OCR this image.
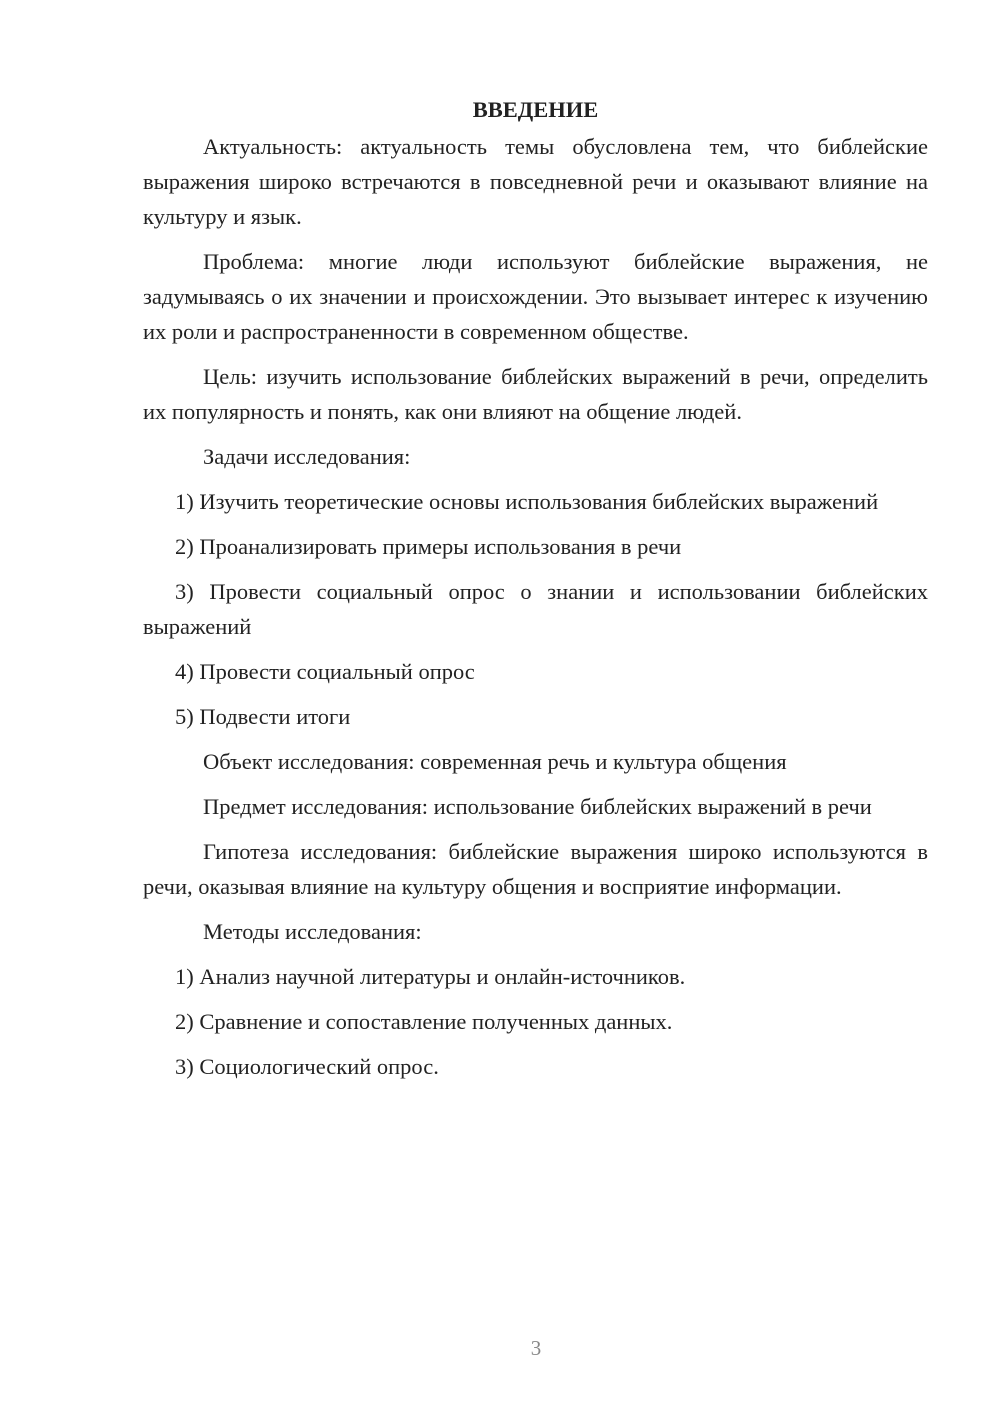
ВВЕДЕНИЕ

Актуальность: актуальность темы обусловлена тем, что библейские выражения широко встречаются в повседневной речи и оказывают влияние на культуру и язык.

Проблема: многие люди используют библейские выражения, не задумываясь о их значении и происхождении. Это вызывает интерес к изучению их роли и распространенности в современном обществе.

Цель: изучить использование библейских выражений в речи, определить их популярность и понять, как они влияют на общение людей.

Задачи исследования:

1) Изучить теоретические основы использования библейских выражений

2) Проанализировать примеры использования в речи

3) Провести социальный опрос о знании и использовании библейских выражений

4) Провести социальный опрос

5) Подвести итоги

Объект исследования: современная речь и культура общения

Предмет исследования: использование библейских выражений в речи

Гипотеза исследования: библейские выражения широко используются в речи, оказывая влияние на культуру общения и восприятие информации.

Методы исследования:

1) Анализ научной литературы и онлайн-источников.

2) Сравнение и сопоставление полученных данных.

3) Социологический опрос.

3
